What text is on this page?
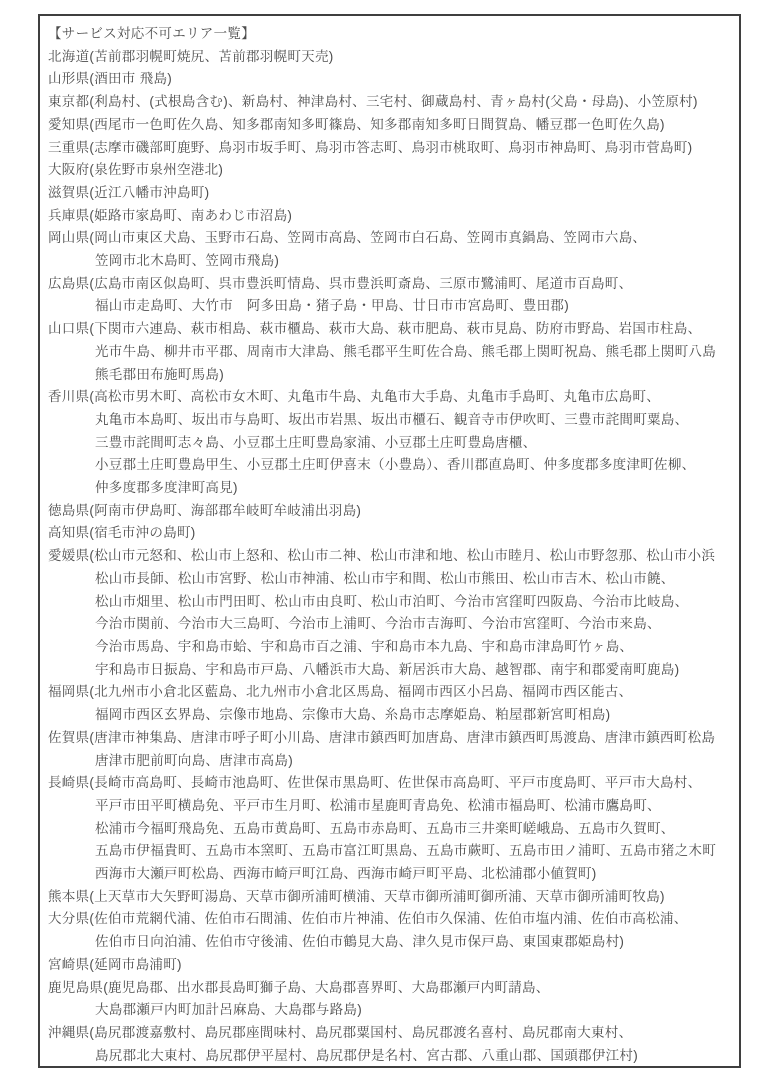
【サービス対応不可エリア一覧】
北海道(苫前郡羽幌町焼尻、苫前郡羽幌町天売)
山形県(酒田市 飛島)
東京都(利島村、(式根島含む)、新島村、神津島村、三宅村、御蔵島村、青ヶ島村(父島・母島)、小笠原村)
愛知県(西尾市一色町佐久島、知多郡南知多町篠島、知多郡南知多町日間賀島、幡豆郡一色町佐久島)
三重県(志摩市磯部町鹿野、鳥羽市坂手町、鳥羽市答志町、鳥羽市桃取町、鳥羽市神島町、鳥羽市菅島町)
大阪府(泉佐野市泉州空港北)
滋賀県(近江八幡市沖島町)
兵庫県(姫路市家島町、南あわじ市沼島)
岡山県(岡山市東区犬島、玉野市石島、笠岡市高島、笠岡市白石島、笠岡市真鍋島、笠岡市六島、
笠岡市北木島町、笠岡市飛島)
広島県(広島市南区似島町、呉市豊浜町情島、呉市豊浜町斎島、三原市鷺浦町、尾道市百島町、
福山市走島町、大竹市　阿多田島・猪子島・甲島、廿日市市宮島町、豊田郡)
山口県(下関市六連島、萩市相島、萩市櫃島、萩市大島、萩市肥島、萩市見島、防府市野島、岩国市柱島、
光市牛島、柳井市平郡、周南市大津島、熊毛郡平生町佐合島、熊毛郡上関町祝島、熊毛郡上関町八島
熊毛郡田布施町馬島)
香川県(高松市男木町、高松市女木町、丸亀市牛島、丸亀市大手島、丸亀市手島町、丸亀市広島町、
丸亀市本島町、坂出市与島町、坂出市岩黒、坂出市櫃石、観音寺市伊吹町、三豊市詫間町粟島、
三豊市詫間町志々島、小豆郡土庄町豊島家浦、小豆郡土庄町豊島唐櫃、
小豆郡土庄町豊島甲生、小豆郡土庄町伊喜末（小豊島）、香川郡直島町、仲多度郡多度津町佐柳、
仲多度郡多度津町高見)
徳島県(阿南市伊島町、海部郡牟岐町牟岐浦出羽島)
高知県(宿毛市沖の島町)
愛媛県(松山市元怒和、松山市上怒和、松山市二神、松山市津和地、松山市睦月、松山市野忽那、松山市小浜
松山市長師、松山市宮野、松山市神浦、松山市宇和間、松山市熊田、松山市吉木、松山市饒、
松山市畑里、松山市門田町、松山市由良町、松山市泊町、今治市宮窪町四阪島、今治市比岐島、
今治市関前、今治市大三島町、今治市上浦町、今治市吉海町、今治市宮窪町、今治市来島、
今治市馬島、宇和島市蛤、宇和島市百之浦、宇和島市本九島、宇和島市津島町竹ヶ島、
宇和島市日振島、宇和島市戸島、八幡浜市大島、新居浜市大島、越智郡、南宇和郡愛南町鹿島)
福岡県(北九州市小倉北区藍島、北九州市小倉北区馬島、福岡市西区小呂島、福岡市西区能古、
福岡市西区玄界島、宗像市地島、宗像市大島、糸島市志摩姫島、粕屋郡新宮町相島)
佐賀県(唐津市神集島、唐津市呼子町小川島、唐津市鎮西町加唐島、唐津市鎮西町馬渡島、唐津市鎮西町松島
唐津市肥前町向島、唐津市高島)
長崎県(長崎市高島町、長崎市池島町、佐世保市黒島町、佐世保市高島町、平戸市度島町、平戸市大島村、
平戸市田平町横島免、平戸市生月町、松浦市星鹿町青島免、松浦市福島町、松浦市鷹島町、
松浦市今福町飛島免、五島市黄島町、五島市赤島町、五島市三井楽町嵯峨島、五島市久賀町、
五島市伊福貴町、五島市本窯町、五島市富江町黒島、五島市蕨町、五島市田ノ浦町、五島市猪之木町
西海市大瀬戸町松島、西海市崎戸町江島、西海市崎戸町平島、北松浦郡小値賀町)
熊本県(上天草市大矢野町湯島、天草市御所浦町横浦、天草市御所浦町御所浦、天草市御所浦町牧島)
大分県(佐伯市荒網代浦、佐伯市石間浦、佐伯市片神浦、佐伯市久保浦、佐伯市塩内浦、佐伯市高松浦、
佐伯市日向泊浦、佐伯市守後浦、佐伯市鶴見大島、津久見市保戸島、東国東郡姫島村)
宮崎県(延岡市島浦町)
鹿児島県(鹿児島郡、出水郡長島町獅子島、大島郡喜界町、大島郡瀬戸内町請島、
大島郡瀬戸内町加計呂麻島、大島郡与路島)
沖縄県(島尻郡渡嘉敷村、島尻郡座間味村、島尻郡粟国村、島尻郡渡名喜村、島尻郡南大東村、
島尻郡北大東村、島尻郡伊平屋村、島尻郡伊是名村、宮古郡、八重山郡、国頭郡伊江村)
